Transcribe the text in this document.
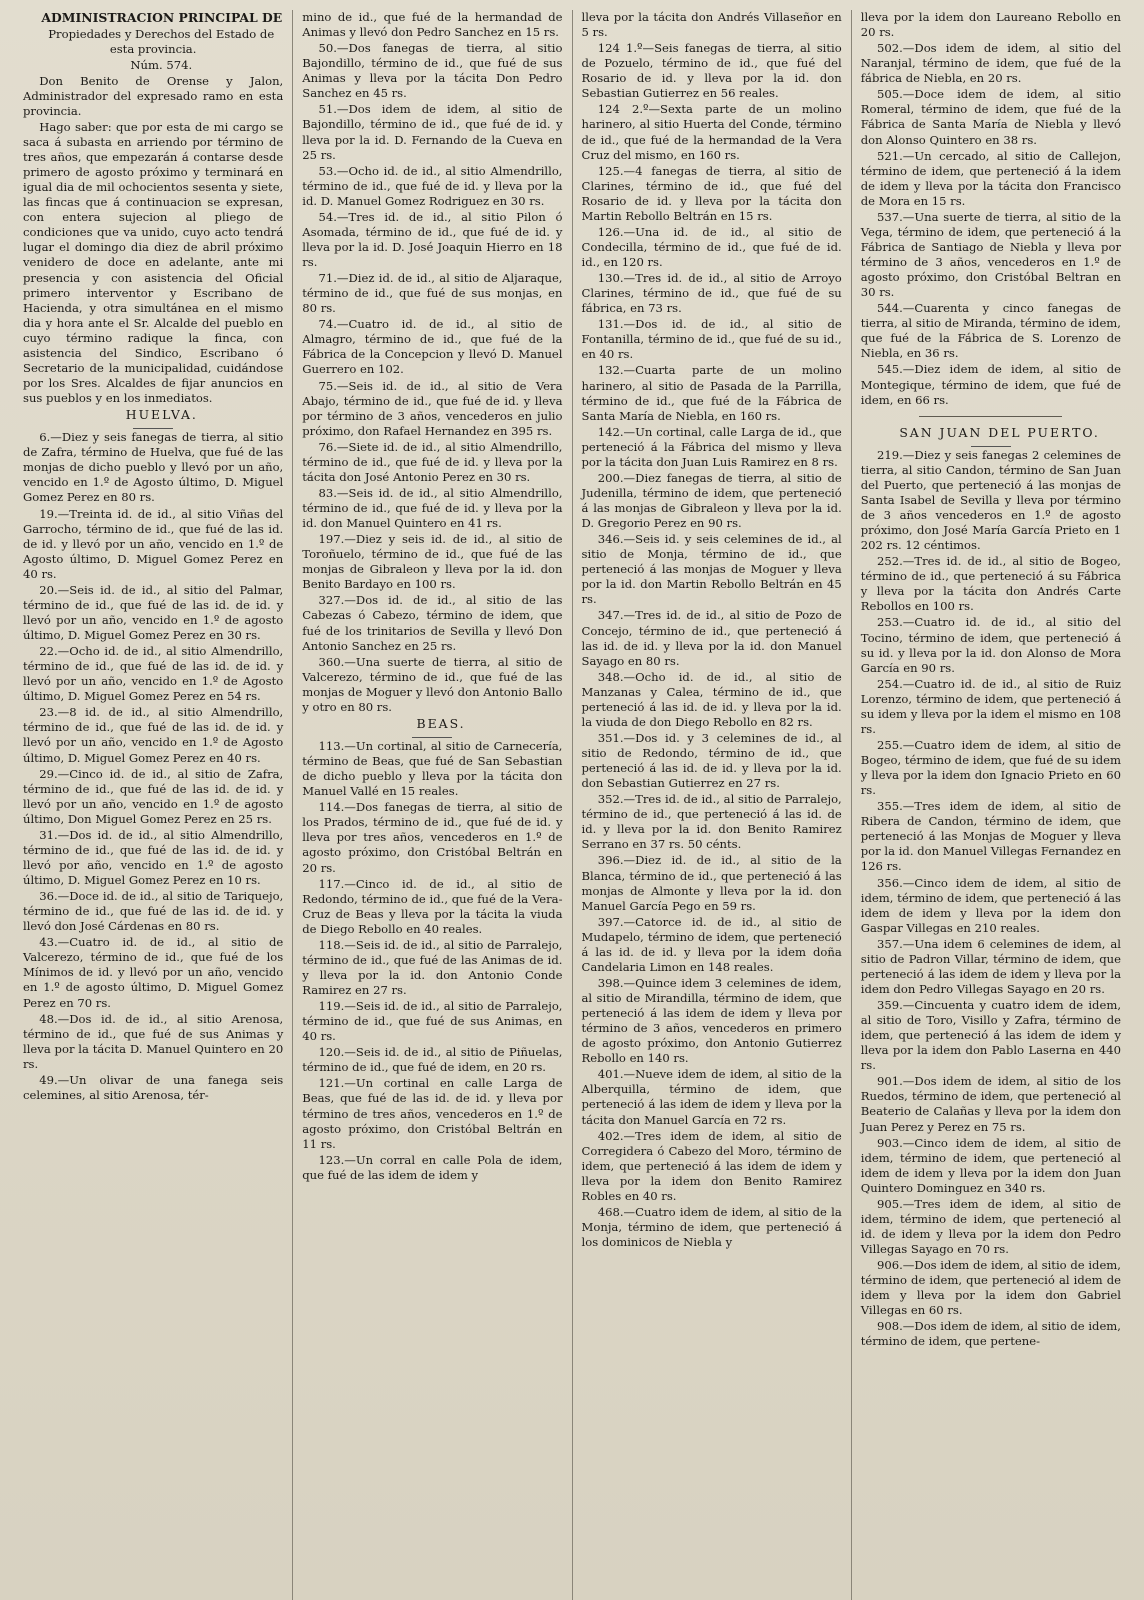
ADMINISTRACION PRINCIPAL DE

Propiedades y Derechos del Estado de esta provincia.

Núm. 574.

Don Benito de Orense y Jalon, Administrador del expresado ramo en esta provincia.

Hago saber: que por esta de mi cargo se saca á subasta en arriendo por término de tres años, que empezarán á contarse desde primero de agosto próximo y terminará en igual dia de mil ochocientos sesenta y siete, las fincas que á continuacion se expresan, con entera sujecion al pliego de condiciones que va unido, cuyo acto tendrá lugar el domingo dia diez de abril próximo venidero de doce en adelante, ante mi presencia y con asistencia del Oficial primero interventor y Escribano de Hacienda, y otra simultánea en el mismo dia y hora ante el Sr. Alcalde del pueblo en cuyo término radique la finca, con asistencia del Sindico, Escribano ó Secretario de la municipalidad, cuidándose por los Sres. Alcaldes de fijar anuncios en sus pueblos y en los inmediatos.

HUELVA.

6.—Diez y seis fanegas de tierra, al sitio de Zafra, término de Huelva, que fué de las monjas de dicho pueblo y llevó por un año, vencido en 1.º de Agosto último, D. Miguel Gomez Perez en 80 rs.

19.—Treinta id. de id., al sitio Viñas del Garrocho, término de id., que fué de las id. de id. y llevó por un año, vencido en 1.º de Agosto último, D. Miguel Gomez Perez en 40 rs.

20.—Seis id. de id., al sitio del Palmar, término de id., que fué de las id. de id. y llevó por un año, vencido en 1.º de agosto último, D. Miguel Gomez Perez en 30 rs.

22.—Ocho id. de id., al sitio Almendrillo, término de id., que fué de las id. de id. y llevó por un año, vencido en 1.º de Agosto último, D. Miguel Gomez Perez en 54 rs.

23.—8 id. de id., al sitio Almendrillo, término de id., que fué de las id. de id. y llevó por un año, vencido en 1.º de Agosto último, D. Miguel Gomez Perez en 40 rs.

29.—Cinco id. de id., al sitio de Zafra, término de id., que fué de las id. de id. y llevó por un año, vencido en 1.º de agosto último, Don Miguel Gomez Perez en 25 rs.

31.—Dos id. de id., al sitio Almendrillo, término de id., que fué de las id. de id. y llevó por año, vencido en 1.º de agosto último, D. Miguel Gomez Perez en 10 rs.

36.—Doce id. de id., al sitio de Tariquejo, término de id., que fué de las id. de id. y llevó don José Cárdenas en 80 rs.

43.—Cuatro id. de id., al sitio de Valcerezo, término de id., que fué de los Mínimos de id. y llevó por un año, vencido en 1.º de agosto último, D. Miguel Gomez Perez en 70 rs.

48.—Dos id. de id., al sitio Arenosa, término de id., que fué de sus Animas y lleva por la tácita D. Manuel Quintero en 20 rs.

49.—Un olivar de una fanega seis celemines, al sitio Arenosa, tér-

mino de id., que fué de la hermandad de Animas y llevó don Pedro Sanchez en 15 rs.

50.—Dos fanegas de tierra, al sitio Bajondillo, término de id., que fué de sus Animas y lleva por la tácita Don Pedro Sanchez en 45 rs.

51.—Dos idem de idem, al sitio de Bajondillo, término de id., que fué de id. y lleva por la id. D. Fernando de la Cueva en 25 rs.

53.—Ocho id. de id., al sitio Almendrillo, término de id., que fué de id. y lleva por la id. D. Manuel Gomez Rodriguez en 30 rs.

54.—Tres id. de id., al sitio Pilon ó Asomada, término de id., que fué de id. y lleva por la id. D. José Joaquin Hierro en 18 rs.

71.—Diez id. de id., al sitio de Aljaraque, término de id., que fué de sus monjas, en 80 rs.

74.—Cuatro id. de id., al sitio de Almagro, término de id., que fué de la Fábrica de la Concepcion y llevó D. Manuel Guerrero en 102.

75.—Seis id. de id., al sitio de Vera Abajo, término de id., que fué de id. y lleva por término de 3 años, vencederos en julio próximo, don Rafael Hernandez en 395 rs.

76.—Siete id. de id., al sitio Almendrillo, término de id., que fué de id. y lleva por la tácita don José Antonio Perez en 30 rs.

83.—Seis id. de id., al sitio Almendrillo, término de id., que fué de id. y lleva por la id. don Manuel Quintero en 41 rs.

197.—Diez y seis id. de id., al sitio de Toroñuelo, término de id., que fué de las monjas de Gibraleon y lleva por la id. don Benito Bardayo en 100 rs.

327.—Dos id. de id., al sitio de las Cabezas ó Cabezo, término de idem, que fué de los trinitarios de Sevilla y llevó Don Antonio Sanchez en 25 rs.

360.—Una suerte de tierra, al sitio de Valcerezo, término de id., que fué de las monjas de Moguer y llevó don Antonio Ballo y otro en 80 rs.

BEAS.

113.—Un cortinal, al sitio de Carnecería, término de Beas, que fué de San Sebastian de dicho pueblo y lleva por la tácita don Manuel Vallé en 15 reales.

114.—Dos fanegas de tierra, al sitio de los Prados, término de id., que fué de id. y lleva por tres años, vencederos en 1.º de agosto próximo, don Cristóbal Beltrán en 20 rs.

117.—Cinco id. de id., al sitio de Redondo, término de id., que fué de la Vera-Cruz de Beas y lleva por la tácita la viuda de Diego Rebollo en 40 reales.

118.—Seis id. de id., al sitio de Parralejo, término de id., que fué de las Animas de id. y lleva por la id. don Antonio Conde Ramirez en 27 rs.

119.—Seis id. de id., al sitio de Parralejo, término de id., que fué de sus Animas, en 40 rs.

120.—Seis id. de id., al sitio de Piñuelas, término de id., que fué de idem, en 20 rs.

121.—Un cortinal en calle Larga de Beas, que fué de las id. de id. y lleva por término de tres años, vencederos en 1.º de agosto próximo, don Cristóbal Beltrán en 11 rs.

123.—Un corral en calle Pola de idem, que fué de las idem de idem y

lleva por la tácita don Andrés Villaseñor en 5 rs.

124 1.º—Seis fanegas de tierra, al sitio de Pozuelo, término de id., que fué del Rosario de id. y lleva por la id. don Sebastian Gutierrez en 56 reales.

124 2.º—Sexta parte de un molino harinero, al sitio Huerta del Conde, término de id., que fué de la hermandad de la Vera Cruz del mismo, en 160 rs.

125.—4 fanegas de tierra, al sitio de Clarines, término de id., que fué del Rosario de id. y lleva por la tácita don Martin Rebollo Beltrán en 15 rs.

126.—Una id. de id., al sitio de Condecilla, término de id., que fué de id. id., en 120 rs.

130.—Tres id. de id., al sitio de Arroyo Clarines, término de id., que fué de su fábrica, en 73 rs.

131.—Dos id. de id., al sitio de Fontanilla, término de id., que fué de su id., en 40 rs.

132.—Cuarta parte de un molino harinero, al sitio de Pasada de la Parrilla, término de id., que fué de la Fábrica de Santa María de Niebla, en 160 rs.

142.—Un cortinal, calle Larga de id., que perteneció á la Fábrica del mismo y lleva por la tácita don Juan Luis Ramirez en 8 rs.

200.—Diez fanegas de tierra, al sitio de Judenilla, término de idem, que perteneció á las monjas de Gibraleon y lleva por la id. D. Gregorio Perez en 90 rs.

346.—Seis id. y seis celemines de id., al sitio de Monja, término de id., que perteneció á las monjas de Moguer y lleva por la id. don Martin Rebollo Beltrán en 45 rs.

347.—Tres id. de id., al sitio de Pozo de Concejo, término de id., que perteneció á las id. de id. y lleva por la id. don Manuel Sayago en 80 rs.

348.—Ocho id. de id., al sitio de Manzanas y Calea, término de id., que perteneció á las id. de id. y lleva por la id. la viuda de don Diego Rebollo en 82 rs.

351.—Dos id. y 3 celemines de id., al sitio de Redondo, término de id., que perteneció á las id. de id. y lleva por la id. don Sebastian Gutierrez en 27 rs.

352.—Tres id. de id., al sitio de Parralejo, término de id., que perteneció á las id. de id. y lleva por la id. don Benito Ramirez Serrano en 37 rs. 50 cénts.

396.—Diez id. de id., al sitio de la Blanca, término de id., que perteneció á las monjas de Almonte y lleva por la id. don Manuel García Pego en 59 rs.

397.—Catorce id. de id., al sitio de Mudapelo, término de idem, que perteneció á las id. de id. y lleva por la idem doña Candelaria Limon en 148 reales.

398.—Quince idem 3 celemines de idem, al sitio de Mirandilla, término de idem, que perteneció á las idem de idem y lleva por término de 3 años, vencederos en primero de agosto próximo, don Antonio Gutierrez Rebollo en 140 rs.

401.—Nueve idem de idem, al sitio de la Alberquilla, término de idem, que perteneció á las idem de idem y lleva por la tácita don Manuel García en 72 rs.

402.—Tres idem de idem, al sitio de Corregidera ó Cabezo del Moro, término de idem, que perteneció á las idem de idem y lleva por la idem don Benito Ramirez Robles en 40 rs.

468.—Cuatro idem de idem, al sitio de la Monja, término de idem, que perteneció á los dominicos de Niebla y

lleva por la idem don Laureano Rebollo en 20 rs.

502.—Dos idem de idem, al sitio del Naranjal, término de idem, que fué de la fábrica de Niebla, en 20 rs.

505.—Doce idem de idem, al sitio Romeral, término de idem, que fué de la Fábrica de Santa María de Niebla y llevó don Alonso Quintero en 38 rs.

521.—Un cercado, al sitio de Callejon, término de idem, que perteneció á la idem de idem y lleva por la tácita don Francisco de Mora en 15 rs.

537.—Una suerte de tierra, al sitio de la Vega, término de idem, que perteneció á la Fábrica de Santiago de Niebla y lleva por término de 3 años, vencederos en 1.º de agosto próximo, don Cristóbal Beltran en 30 rs.

544.—Cuarenta y cinco fanegas de tierra, al sitio de Miranda, término de idem, que fué de la Fábrica de S. Lorenzo de Niebla, en 36 rs.

545.—Diez idem de idem, al sitio de Montegique, término de idem, que fué de idem, en 66 rs.

SAN JUAN DEL PUERTO.

219.—Diez y seis fanegas 2 celemines de tierra, al sitio Candon, término de San Juan del Puerto, que perteneció á las monjas de Santa Isabel de Sevilla y lleva por término de 3 años vencederos en 1.º de agosto próximo, don José María García Prieto en 1 202 rs. 12 céntimos.

252.—Tres id. de id., al sitio de Bogeo, término de id., que perteneció á su Fábrica y lleva por la tácita don Andrés Carte Rebollos en 100 rs.

253.—Cuatro id. de id., al sitio del Tocino, término de idem, que perteneció á su id. y lleva por la id. don Alonso de Mora García en 90 rs.

254.—Cuatro id. de id., al sitio de Ruiz Lorenzo, término de idem, que perteneció á su idem y lleva por la idem el mismo en 108 rs.

255.—Cuatro idem de idem, al sitio de Bogeo, término de idem, que fué de su idem y lleva por la idem don Ignacio Prieto en 60 rs.

355.—Tres idem de idem, al sitio de Ribera de Candon, término de idem, que perteneció á las Monjas de Moguer y lleva por la id. don Manuel Villegas Fernandez en 126 rs.

356.—Cinco idem de idem, al sitio de idem, término de idem, que perteneció á las idem de idem y lleva por la idem don Gaspar Villegas en 210 reales.

357.—Una idem 6 celemines de idem, al sitio de Padron Villar, término de idem, que perteneció á las idem de idem y lleva por la idem don Pedro Villegas Sayago en 20 rs.

359.—Cincuenta y cuatro idem de idem, al sitio de Toro, Visillo y Zafra, término de idem, que perteneció á las idem de idem y lleva por la idem don Pablo Laserna en 440 rs.

901.—Dos idem de idem, al sitio de los Ruedos, término de idem, que perteneció al Beaterio de Calañas y lleva por la idem don Juan Perez y Perez en 75 rs.

903.—Cinco idem de idem, al sitio de idem, término de idem, que perteneció al idem de idem y lleva por la idem don Juan Quintero Dominguez en 340 rs.

905.—Tres idem de idem, al sitio de idem, término de idem, que perteneció al id. de idem y lleva por la idem don Pedro Villegas Sayago en 70 rs.

906.—Dos idem de idem, al sitio de idem, término de idem, que perteneció al idem de idem y lleva por la idem don Gabriel Villegas en 60 rs.

908.—Dos idem de idem, al sitio de idem, término de idem, que pertene-
